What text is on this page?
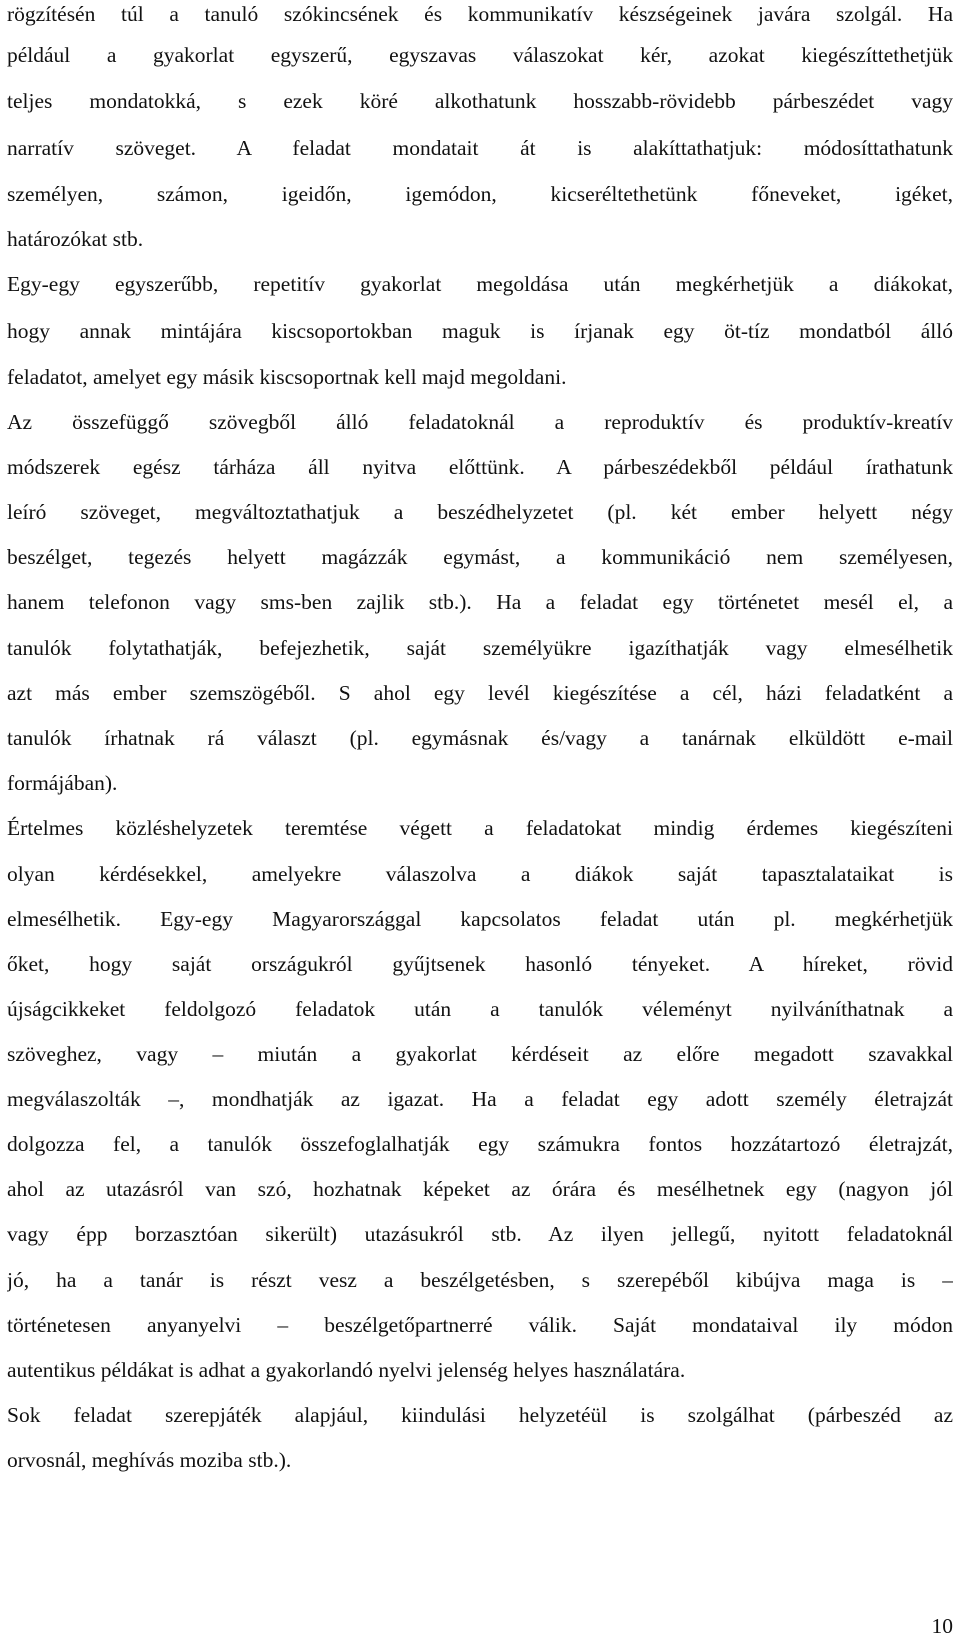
rögzítésén túl a tanuló szókincsének és kommunikatív készségeinek javára szolgál. Ha
például a gyakorlat egyszerű, egyszavas válaszokat kér, azokat kiegészíttethetjük
teljes mondatokká, s ezek köré alkothatunk hosszabb-rövidebb párbeszédet vagy
narratív szöveget. A feladat mondatait át is alakíttathatjuk: módosíttathatunk
személyen, számon, igeidőn, igemódon, kicseréltethetünk főneveket, igéket,
határozókat stb.
Egy-egy egyszerűbb, repetitív gyakorlat megoldása után megkérhetjük a diákokat,
hogy annak mintájára kiscsoportokban maguk is írjanak egy öt-tíz mondatból álló
feladatot, amelyet egy másik kiscsoportnak kell majd megoldani.
Az összefüggő szövegből álló feladatoknál a reproduktív és produktív-kreatív
módszerek egész tárháza áll nyitva előttünk. A párbeszédekből például írathatunk
leíró szöveget, megváltoztathatjuk a beszédhelyzetet (pl. két ember helyett négy
beszélget, tegezés helyett magázzák egymást, a kommunikáció nem személyesen,
hanem telefonon vagy sms-ben zajlik stb.). Ha a feladat egy történetet mesél el, a
tanulók folytathatják, befejezhetik, saját személyükre igazíthatják vagy elmesélhetik
azt más ember szemszögéből. S ahol egy levél kiegészítése a cél, házi feladatként a
tanulók írhatnak rá választ (pl. egymásnak és/vagy a tanárnak elküldött e-mail
formájában).
Értelmes közléshelyzetek teremtése végett a feladatokat mindig érdemes kiegészíteni
olyan kérdésekkel, amelyekre válaszolva a diákok saját tapasztalataikat is
elmesélhetik. Egy-egy Magyarországgal kapcsolatos feladat után pl. megkérhetjük
őket, hogy saját országukról gyűjtsenek hasonló tényeket. A híreket, rövid
újságcikkeket feldolgozó feladatok után a tanulók véleményt nyilváníthatnak a
szöveghez, vagy – miután a gyakorlat kérdéseit az előre megadott szavakkal
megválaszolták –, mondhatják az igazat. Ha a feladat egy adott személy életrajzát
dolgozza fel, a tanulók összefoglalhatják egy számukra fontos hozzátartozó életrajzát,
ahol az utazásról van szó, hozhatnak képeket az órára és mesélhetnek egy (nagyon jól
vagy épp borzasztóan sikerült) utazásukról stb. Az ilyen jellegű, nyitott feladatoknál
jó, ha a tanár is részt vesz a beszélgetésben, s szerepéből kibújva maga is –
történetesen anyanyelvi – beszélgetőpartnerré válik. Saját mondataival ily módon
autentikus példákat is adhat a gyakorlandó nyelvi jelenség helyes használatára.
Sok feladat szerepjáték alapjául, kiindulási helyzetéül is szolgálhat (párbeszéd az
orvosnál, meghívás moziba stb.).
10
